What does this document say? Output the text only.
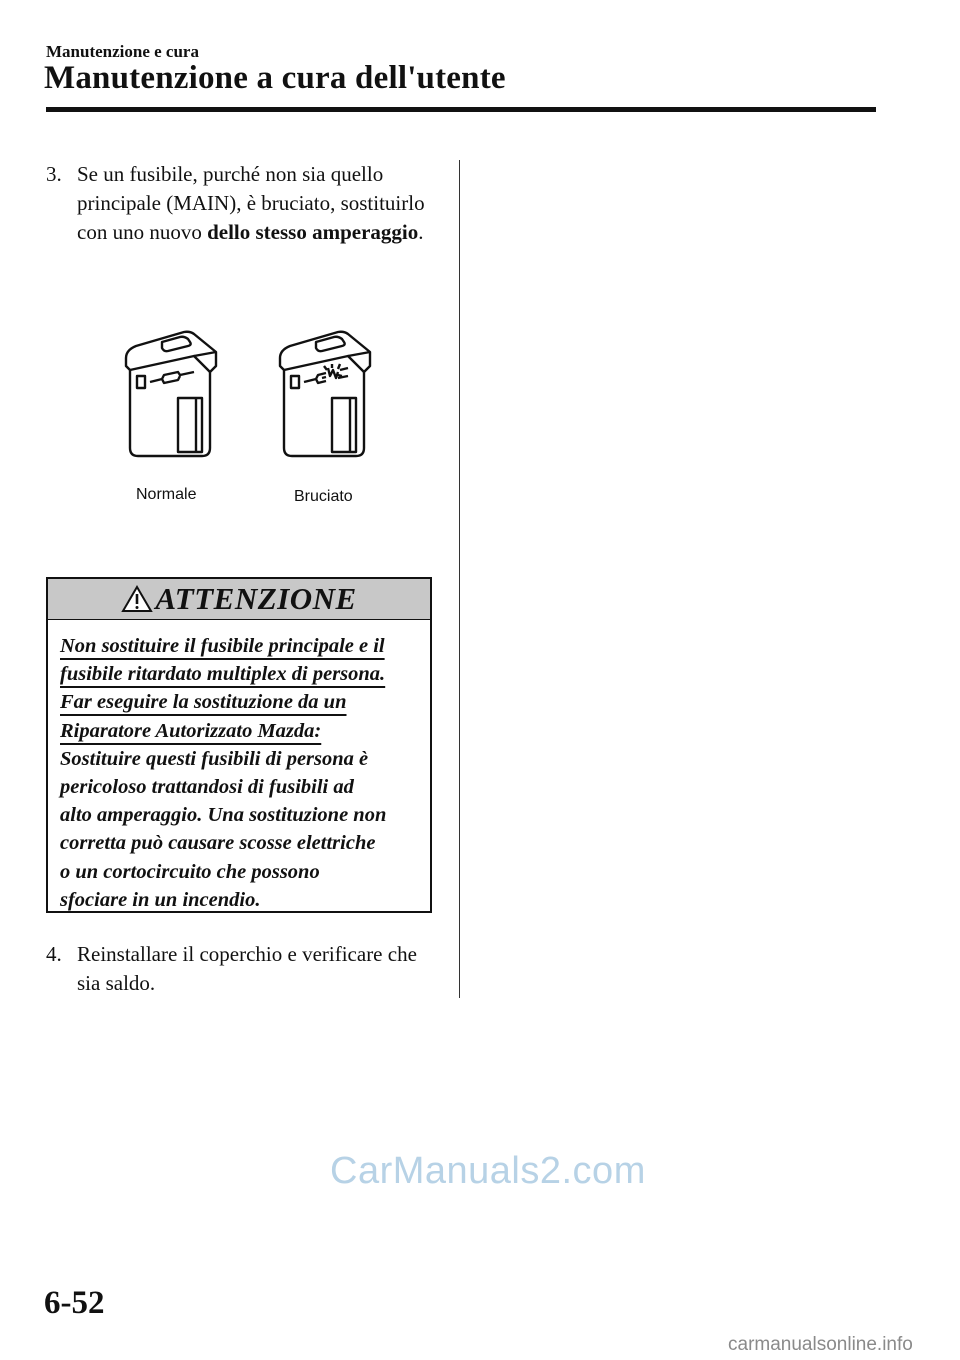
Manutenzione e cura
Manutenzione a cura dell'utente
3. Se un fusibile, purché non sia quello principale (MAIN), è bruciato, sostituirlo con uno nuovo dello stesso amperaggio.
Normale	Bruciato
ATTENZIONE
Non sostituire il fusibile principale e il
fusibile ritardato multiplex di persona.
Far eseguire la sostituzione da un
Riparatore Autorizzato Mazda:
Sostituire questi fusibili di persona è
pericoloso trattandosi di fusibili ad
alto amperaggio. Una sostituzione non
corretta può causare scosse elettriche
o un cortocircuito che possono
sfociare in un incendio.
4. Reinstallare il coperchio e verificare che sia saldo.
CarManuals2.com
6-52
carmanualsonline.info
